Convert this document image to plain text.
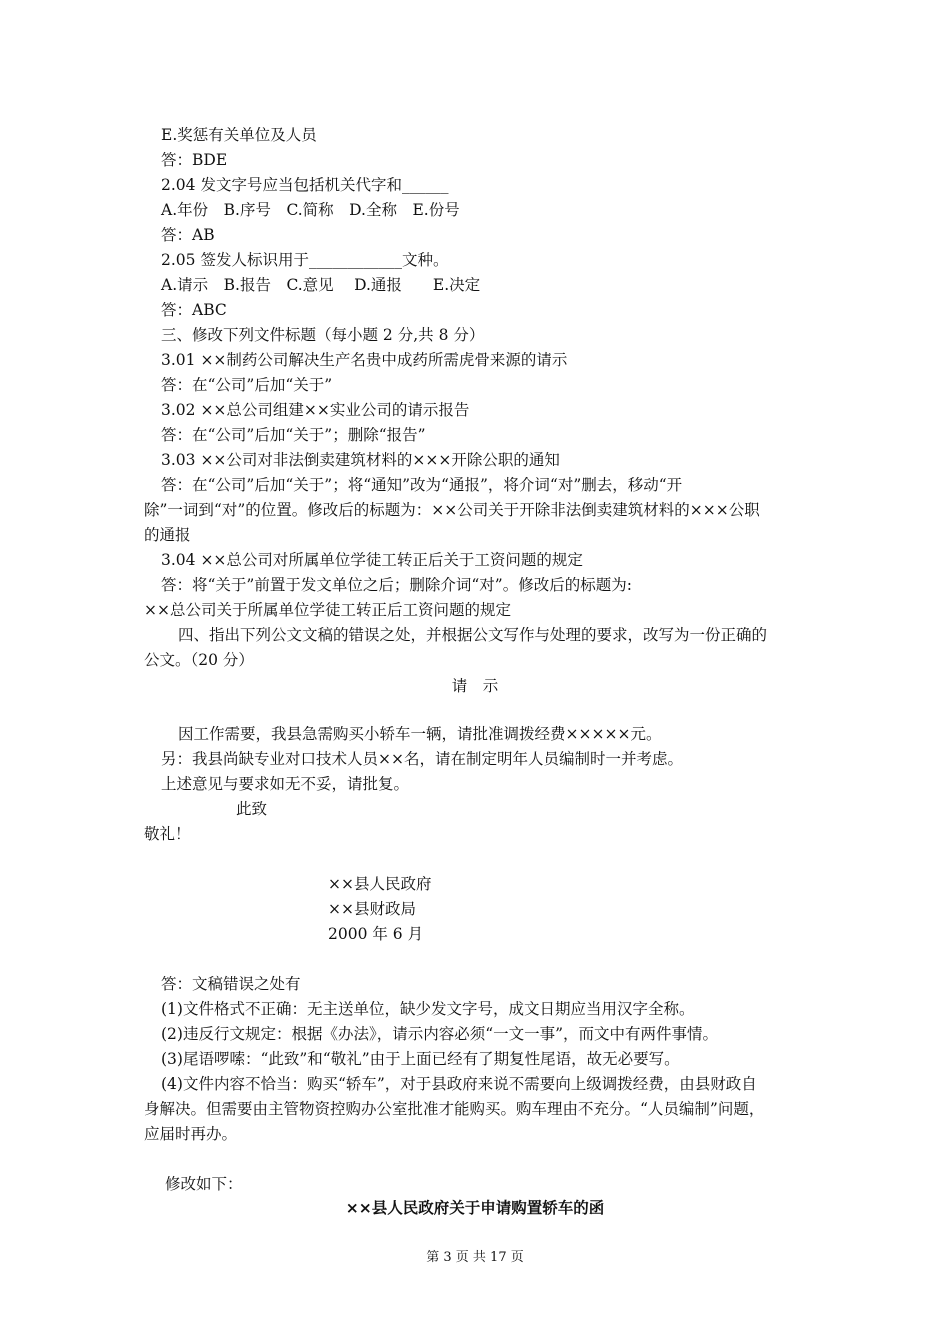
E.奖惩有关单位及人员
答：BDE
2.04 发文字号应当包括机关代字和______
A.年份　B.序号　C.简称　D.全称　E.份号
答：AB
2.05 签发人标识用于____________文种。
A.请示　B.报告　C.意见　 D.通报　　E.决定
答：ABC
三、修改下列文件标题（每小题 2 分,共 8 分）
3.01 ××制药公司解决生产名贵中成药所需虎骨来源的请示
答：在“公司”后加“关于”
3.02 ××总公司组建××实业公司的请示报告
答：在“公司”后加“关于”；删除“报告”
3.03 ××公司对非法倒卖建筑材料的×××开除公职的通知
答：在“公司”后加“关于”；将“通知”改为“通报”，将介词“对”删去，移动“开
除”一词到“对”的位置。修改后的标题为：××公司关于开除非法倒卖建筑材料的×××公职
的通报
3.04 ××总公司对所属单位学徒工转正后关于工资问题的规定
答：将“关于”前置于发文单位之后；删除介词“对”。修改后的标题为:
××总公司关于所属单位学徒工转正后工资问题的规定
四、指出下列公文文稿的错误之处，并根据公文写作与处理的要求，改写为一份正确的
公文。（20 分）
请　示
因工作需要，我县急需购买小轿车一辆，请批准调拨经费×××××元。
另：我县尚缺专业对口技术人员××名，请在制定明年人员编制时一并考虑。
上述意见与要求如无不妥，请批复。
此致
敬礼！
××县人民政府
××县财政局
2000 年 6 月
答：文稿错误之处有
(1)文件格式不正确：无主送单位，缺少发文字号，成文日期应当用汉字全称。
(2)违反行文规定：根据《办法》，请示内容必须“一文一事”，而文中有两件事情。
(3)尾语啰嗦：“此致”和“敬礼”由于上面已经有了期复性尾语，故无必要写。
(4)文件内容不恰当：购买“轿车”，对于县政府来说不需要向上级调拨经费，由县财政自
身解决。但需要由主管物资控购办公室批准才能购买。购车理由不充分。“人员编制”问题，
应届时再办。
修改如下：
××县人民政府关于申请购置轿车的函
第 3 页 共 17 页
